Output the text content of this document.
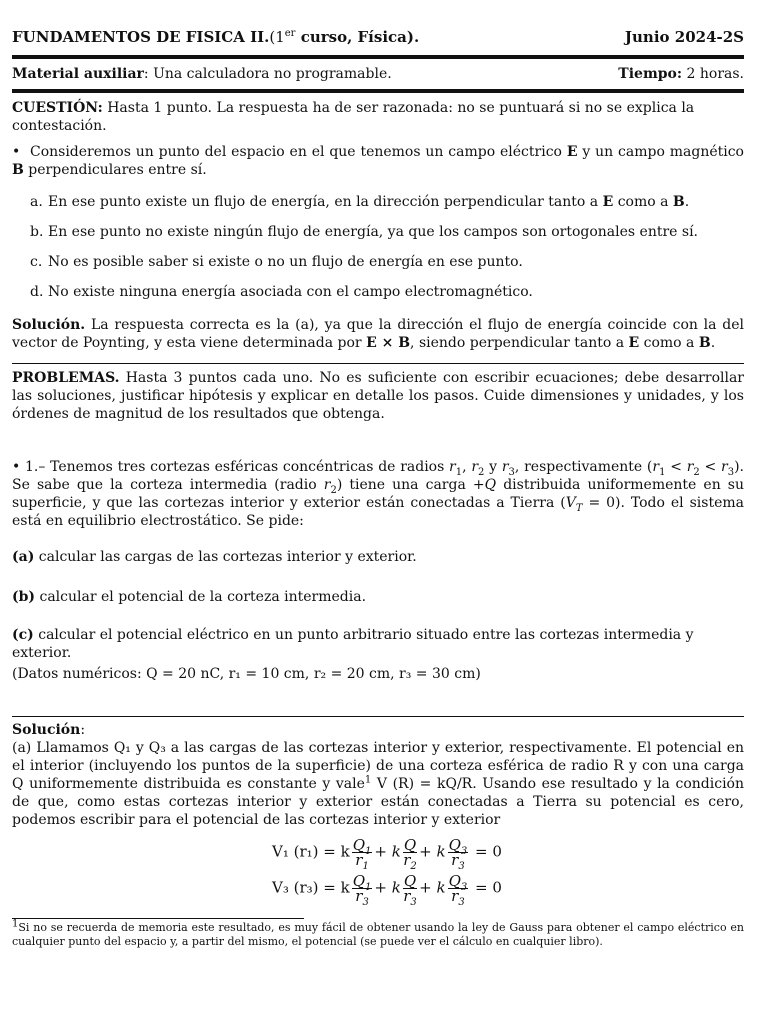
FUNDAMENTOS DE FISICA II.(1er curso, Física).	Junio 2024-2S
Material auxiliar: Una calculadora no programable.	Tiempo: 2 horas.
CUESTIÓN: Hasta 1 punto. La respuesta ha de ser razonada: no se puntuará si no se explica la contestación.
• Consideremos un punto del espacio en el que tenemos un campo eléctrico E y un campo magnético B perpendiculares entre sí.
a. En ese punto existe un flujo de energía, en la dirección perpendicular tanto a E como a B.
b. En ese punto no existe ningún flujo de energía, ya que los campos son ortogonales entre sí.
c. No es posible saber si existe o no un flujo de energía en ese punto.
d. No existe ninguna energía asociada con el campo electromagnético.
Solución. La respuesta correcta es la (a), ya que la dirección el flujo de energía coincide con la del vector de Poynting, y esta viene determinada por E × B, siendo perpendicular tanto a E como a B.
PROBLEMAS. Hasta 3 puntos cada uno. No es suficiente con escribir ecuaciones; debe desarrollar las soluciones, justificar hipótesis y explicar en detalle los pasos. Cuide dimensiones y unidades, y los órdenes de magnitud de los resultados que obtenga.
• 1.– Tenemos tres cortezas esféricas concéntricas de radios $r_1$, $r_2$ y $r_3$, respectivamente $(r_1 < r_2 < r_3)$. Se sabe que la corteza intermedia (radio $r_2$) tiene una carga +Q distribuida uniformemente en su superficie, y que las cortezas interior y exterior están conectadas a Tierra $(V_T = 0)$. Todo el sistema está en equilibrio electrostático. Se pide:
(a) calcular las cargas de las cortezas interior y exterior.
(b) calcular el potencial de la corteza intermedia.
(c) calcular el potencial eléctrico en un punto arbitrario situado entre las cortezas intermedia y exterior.
(Datos numéricos: Q = 20 nC, r₁ = 10 cm, r₂ = 20 cm, r₃ = 30 cm)
Solución:
(a) Llamamos Q₁ y Q₃ a las cargas de las cortezas interior y exterior, respectivamente. El potencial en el interior (incluyendo los puntos de la superficie) de una corteza esférica de radio R y con una carga Q uniformemente distribuida es constante y vale$^1$ V (R) = kQ/R. Usando ese resultado y la condición de que, como estas cortezas interior y exterior están conectadas a Tierra su potencial es cero, podemos escribir para el potencial de las cortezas interior y exterior
V₁ (r₁) = k $\frac{Q_1}{r_1} + k \frac{Q}{r_2} + k \frac{Q_3}{r_3} = 0$
V₃ (r₃) = k $\frac{Q_1}{r_3} + k \frac{Q}{r_3} + k \frac{Q_3}{r_3} = 0$
$^1$Si no se recuerda de memoria este resultado, es muy fácil de obtener usando la ley de Gauss para obtener el campo eléctrico en cualquier punto del espacio y, a partir del mismo, el potencial (se puede ver el cálculo en cualquier libro).
